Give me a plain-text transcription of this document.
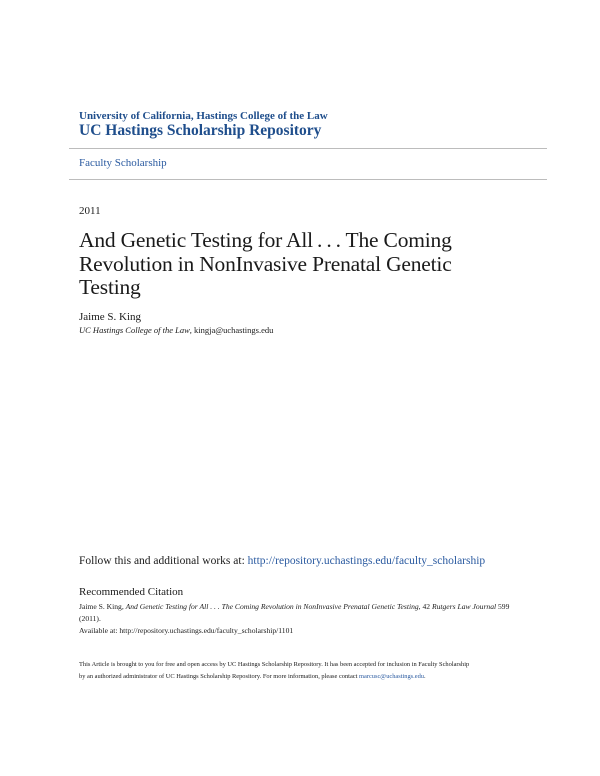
University of California, Hastings College of the Law
UC Hastings Scholarship Repository
Faculty Scholarship
2011
And Genetic Testing for All . . . The Coming
Revolution in NonInvasive Prenatal Genetic
Testing
Jaime S. King
UC Hastings College of the Law, kingja@uchastings.edu
Follow this and additional works at: http://repository.uchastings.edu/faculty_scholarship
Recommended Citation
Jaime S. King, And Genetic Testing for All . . . The Coming Revolution in NonInvasive Prenatal Genetic Testing, 42 Rutgers Law Journal 599
(2011).
Available at: http://repository.uchastings.edu/faculty_scholarship/1101
This Article is brought to you for free and open access by UC Hastings Scholarship Repository. It has been accepted for inclusion in Faculty Scholarship
by an authorized administrator of UC Hastings Scholarship Repository. For more information, please contact marcusc@uchastings.edu.
